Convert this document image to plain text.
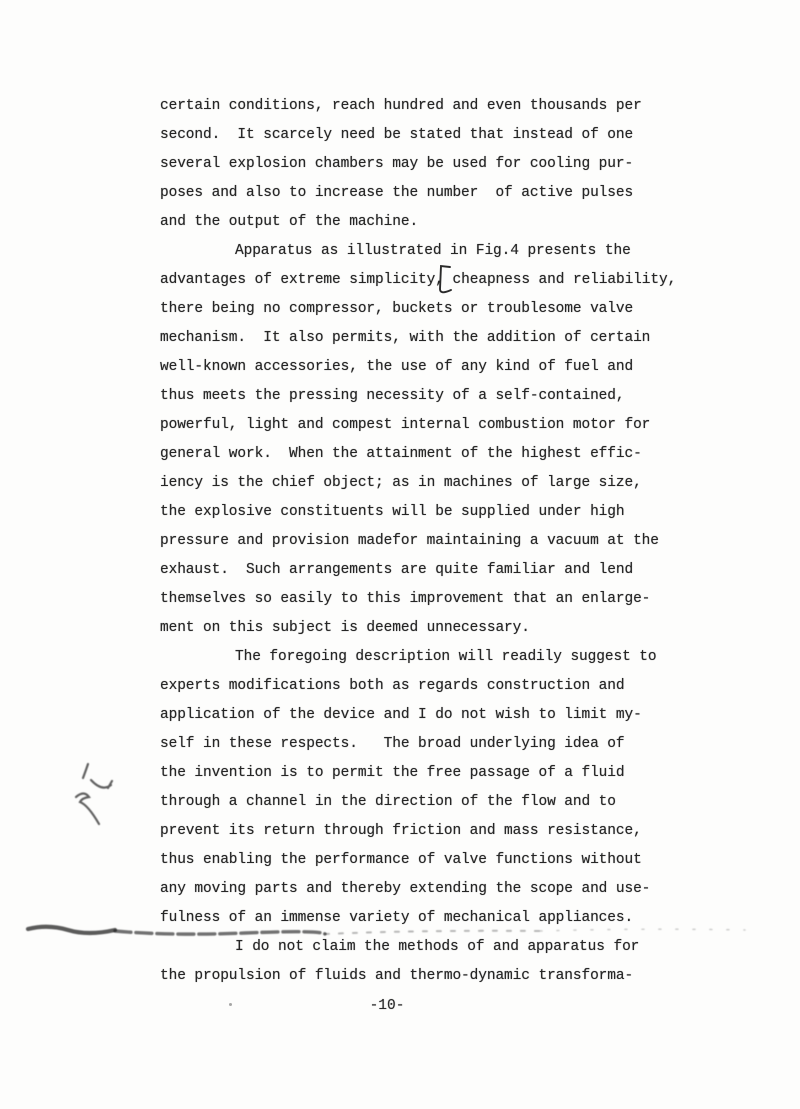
certain conditions, reach hundred and even thousands per
second.  It scarcely need be stated that instead of one
several explosion chambers may be used for cooling pur-
poses and also to increase the number  of active pulses
and the output of the machine.
Apparatus as illustrated in Fig.4 presents the
advantages of extreme simplicity, cheapness and reliability,
there being no compressor, buckets or troublesome valve
mechanism.  It also permits, with the addition of certain
well-known accessories, the use of any kind of fuel and
thus meets the pressing necessity of a self-contained,
powerful, light and compest internal combustion motor for
general work.  When the attainment of the highest effic-
iency is the chief object; as in machines of large size,
the explosive constituents will be supplied under high
pressure and provision madefor maintaining a vacuum at the
exhaust.  Such arrangements are quite familiar and lend
themselves so easily to this improvement that an enlarge-
ment on this subject is deemed unnecessary.
The foregoing description will readily suggest to
experts modifications both as regards construction and
application of the device and I do not wish to limit my-
self in these respects.   The broad underlying idea of
the invention is to permit the free passage of a fluid
through a channel in the direction of the flow and to
prevent its return through friction and mass resistance,
thus enabling the performance of valve functions without
any moving parts and thereby extending the scope and use-
fulness of an immense variety of mechanical appliances.
I do not claim the methods of and apparatus for
the propulsion of fluids and thermo-dynamic transforma-
-10-
